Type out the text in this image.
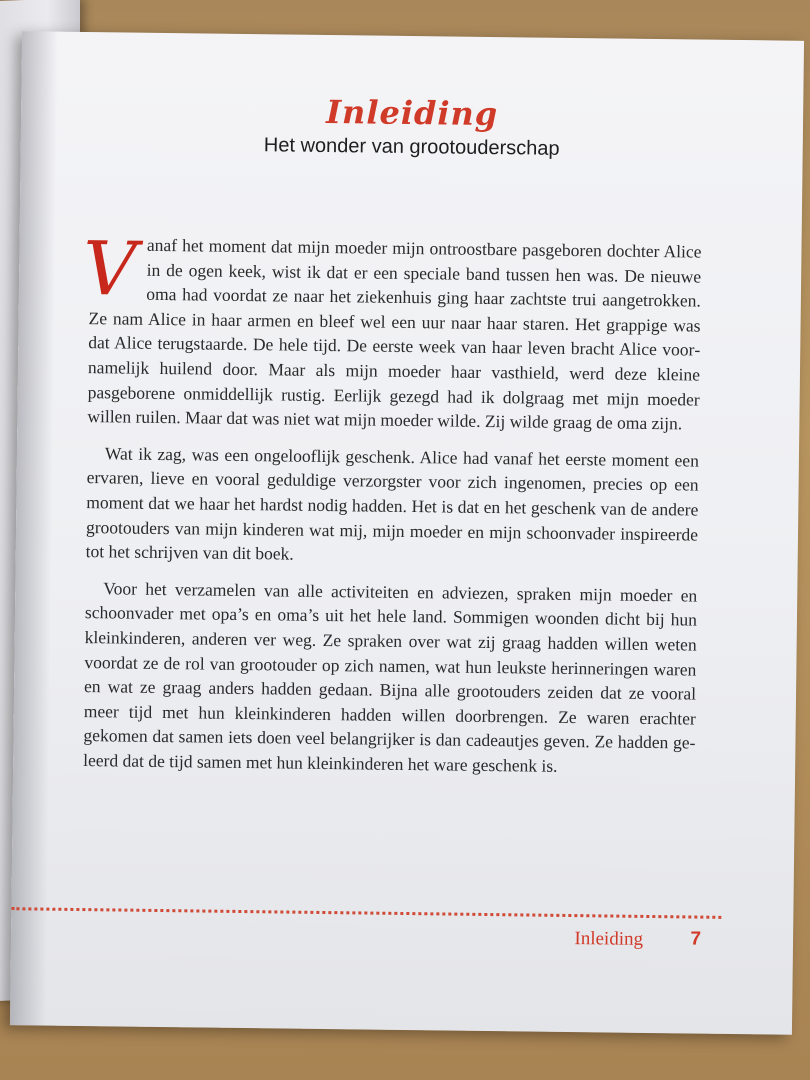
Inleiding
Het wonder van grootouderschap

Vanaf het moment dat mijn moeder mijn ontroostbare pasgeboren dochter Alice in de ogen keek, wist ik dat er een speciale band tussen hen was. De nieuwe oma had voordat ze naar het ziekenhuis ging haar zachtste trui aangetrokken. Ze nam Alice in haar armen en bleef wel een uur naar haar staren. Het grappige was dat Alice terugstaarde. De hele tijd. De eerste week van haar leven bracht Alice voornamelijk huilend door. Maar als mijn moeder haar vasthield, werd deze kleine pasgeborene onmiddellijk rustig. Eerlijk gezegd had ik dolgraag met mijn moeder willen ruilen. Maar dat was niet wat mijn moeder wilde. Zij wilde graag de oma zijn.

Wat ik zag, was een ongelooflijk geschenk. Alice had vanaf het eerste moment een ervaren, lieve en vooral geduldige verzorgster voor zich ingenomen, precies op een moment dat we haar het hardst nodig hadden. Het is dat en het geschenk van de andere grootouders van mijn kinderen wat mij, mijn moeder en mijn schoonvader inspireerde tot het schrijven van dit boek.

Voor het verzamelen van alle activiteiten en adviezen, spraken mijn moeder en schoonvader met opa’s en oma’s uit het hele land. Sommigen woonden dicht bij hun kleinkinderen, anderen ver weg. Ze spraken over wat zij graag hadden willen weten voordat ze de rol van grootouder op zich namen, wat hun leukste herinneringen waren en wat ze graag anders hadden gedaan. Bijna alle grootouders zeiden dat ze vooral meer tijd met hun kleinkinderen hadden willen doorbrengen. Ze waren erachter gekomen dat samen iets doen veel belangrijker is dan cadeautjes geven. Ze hadden geleerd dat de tijd samen met hun kleinkinderen het ware geschenk is.

Inleiding 7
